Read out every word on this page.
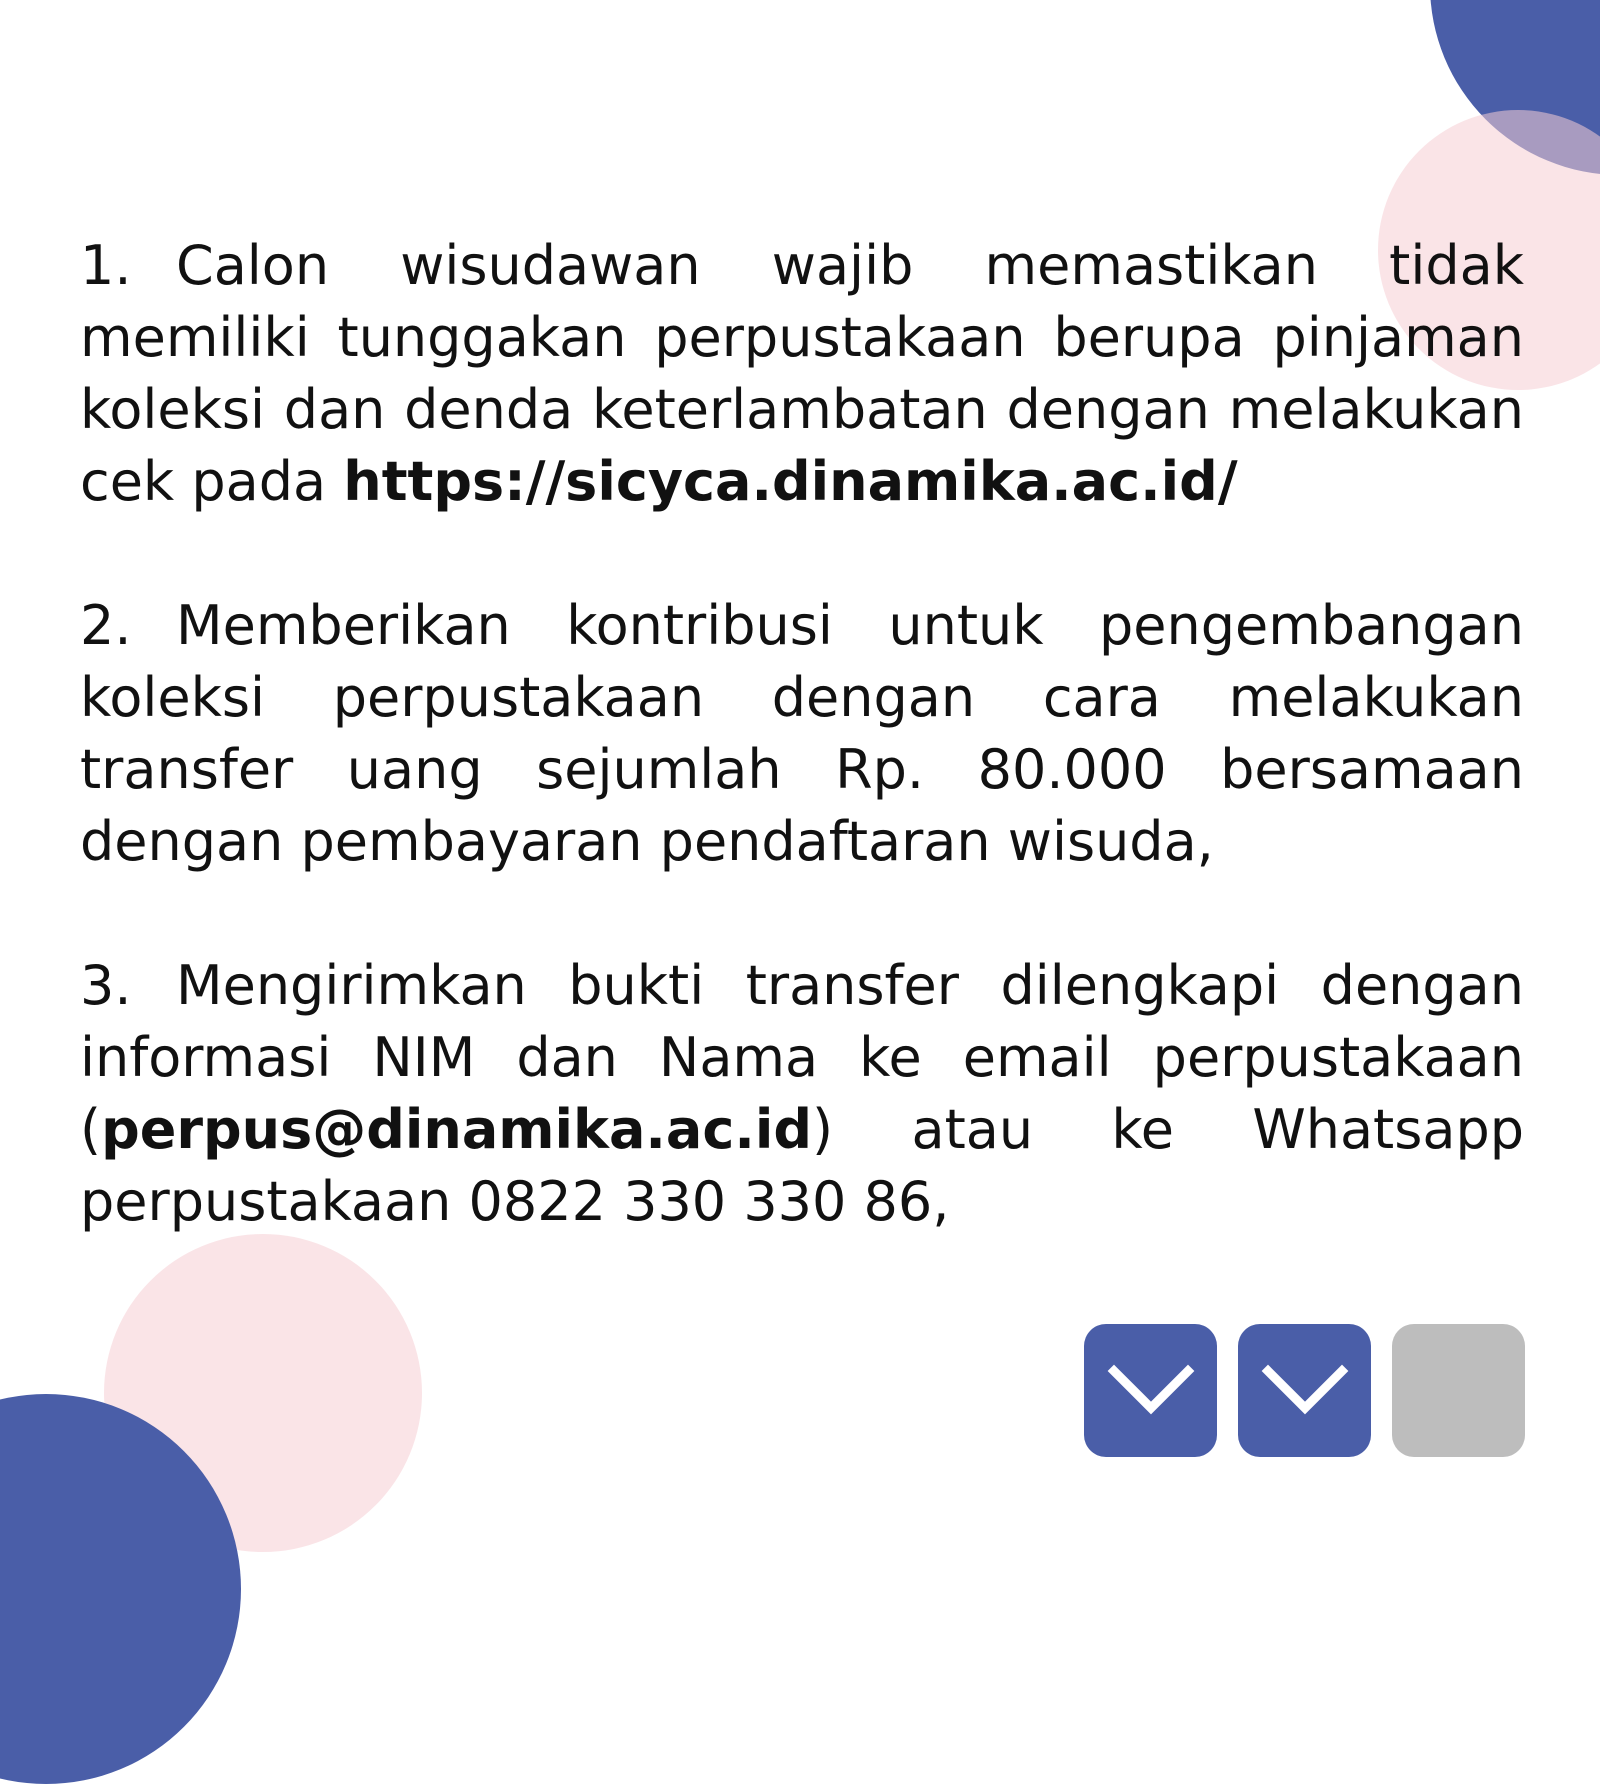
1. Calon wisudawan wajib memastikan tidak memiliki tunggakan perpustakaan berupa pinjaman koleksi dan denda keterlambatan dengan melakukan cek pada https://sicyca.dinamika.ac.id/

2. Memberikan kontribusi untuk pengembangan koleksi perpustakaan dengan cara melakukan transfer uang sejumlah Rp. 80.000 bersamaan dengan pembayaran pendaftaran wisuda,

3. Mengirimkan bukti transfer dilengkapi dengan informasi NIM dan Nama ke email perpustakaan (perpus@dinamika.ac.id) atau ke Whatsapp perpustakaan 0822 330 330 86,
